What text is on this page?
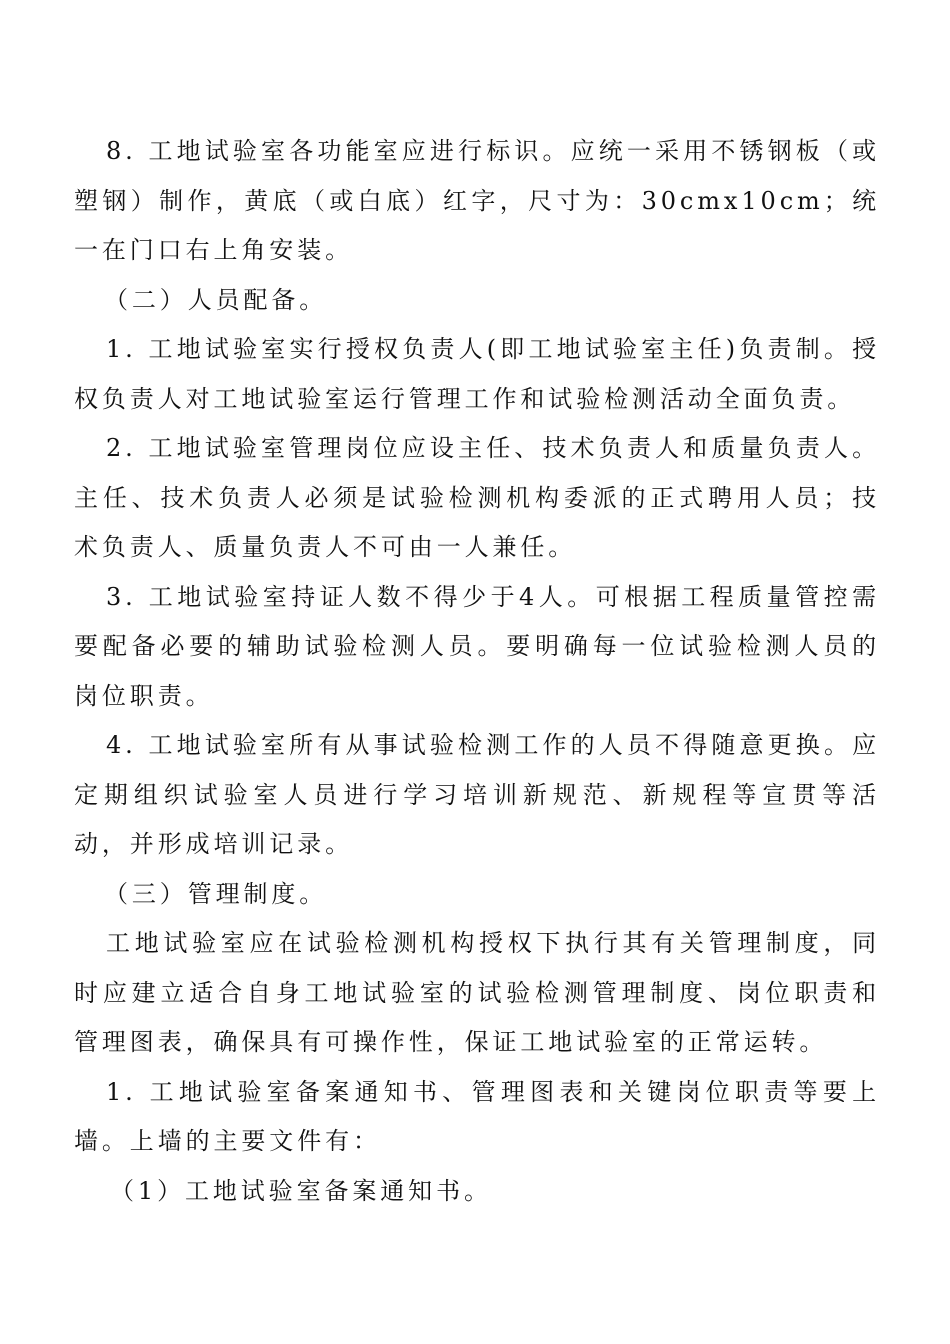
8. 工地试验室各功能室应进行标识。应统一采用不锈钢板（或塑钢）制作，黄底（或白底）红字，尺寸为：30cmx10cm；统一在门口右上角安装。

（二）人员配备。

1. 工地试验室实行授权负责人(即工地试验室主任)负责制。授权负责人对工地试验室运行管理工作和试验检测活动全面负责。

2. 工地试验室管理岗位应设主任、技术负责人和质量负责人。主任、技术负责人必须是试验检测机构委派的正式聘用人员；技术负责人、质量负责人不可由一人兼任。

3. 工地试验室持证人数不得少于4人。可根据工程质量管控需要配备必要的辅助试验检测人员。要明确每一位试验检测人员的岗位职责。

4. 工地试验室所有从事试验检测工作的人员不得随意更换。应定期组织试验室人员进行学习培训新规范、新规程等宣贯等活动，并形成培训记录。

（三）管理制度。

工地试验室应在试验检测机构授权下执行其有关管理制度，同时应建立适合自身工地试验室的试验检测管理制度、岗位职责和管理图表，确保具有可操作性，保证工地试验室的正常运转。

1. 工地试验室备案通知书、管理图表和关键岗位职责等要上墙。上墙的主要文件有：

（1）工地试验室备案通知书。
